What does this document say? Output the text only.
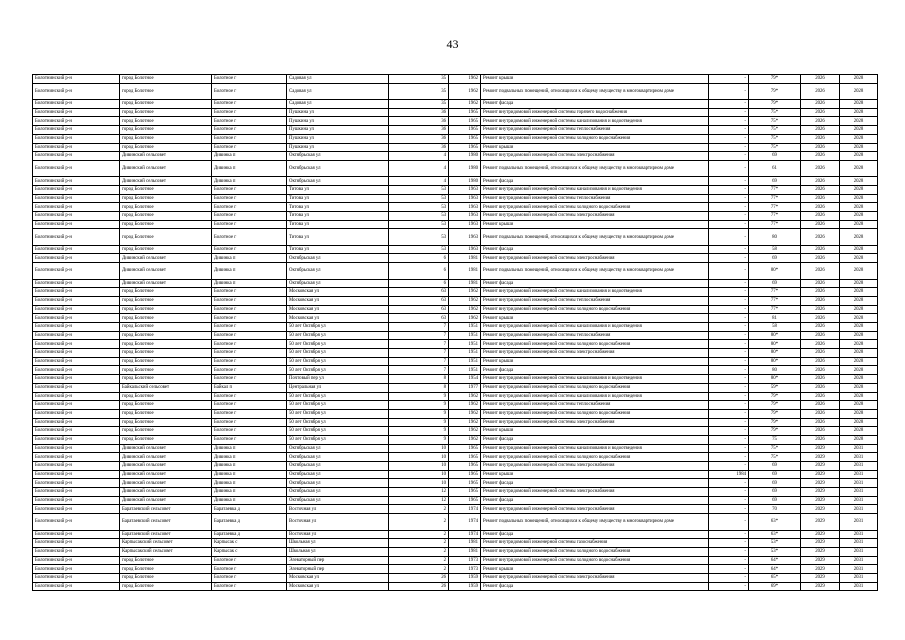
43
Болотнинский р-н	город Болотное	Болотное г	Садовая ул	35	1962	Ремонт крыши	-	79*	2026	2028
Болотнинский р-н	город Болотное	Болотное г	Садовая ул	35	1962	Ремонт подвальных помещений, относящихся к общему имуществу в многоквартирном доме	-	79*	2026	2028
Болотнинский р-н	город Болотное	Болотное г	Садовая ул	35	1962	Ремонт фасада	-	79*	2026	2028
Болотнинский р-н	город Болотное	Болотное г	Пушкина ул	36	1965	Ремонт внутридомовой инженерной системы горячего водоснабжения	-	75*	2026	2028
Болотнинский р-н	город Болотное	Болотное г	Пушкина ул	36	1965	Ремонт внутридомовой инженерной системы канализования и водоотведения	-	75*	2026	2028
Болотнинский р-н	город Болотное	Болотное г	Пушкина ул	36	1965	Ремонт внутридомовой инженерной системы теплоснабжения	-	75*	2026	2028
Болотнинский р-н	город Болотное	Болотное г	Пушкина ул	36	1965	Ремонт внутридомовой инженерной системы холодного водоснабжения	-	75*	2026	2028
Болотнинский р-н	город Болотное	Болотное г	Пушкина ул	36	1965	Ремонт крыши	-	75*	2026	2028
Болотнинский р-н	Дивинский сельсовет	Дивинка п	Октябрьская ул	4	1980	Ремонт внутридомовой инженерной системы электроснабжения	-	69	2026	2028
Болотнинский р-н	Дивинский сельсовет	Дивинка п	Октябрьская ул	4	1980	Ремонт подвальных помещений, относящихся к общему имуществу в многоквартирном доме	-	61	2026	2028
Болотнинский р-н	Дивинский сельсовет	Дивинка п	Октябрьская ул	4	1980	Ремонт фасада	-	69	2026	2028
Болотнинский р-н	город Болотное	Болотное г	Титова ул	53	1963	Ремонт внутридомовой инженерной системы канализования и водоотведения	-	77*	2026	2028
Болотнинский р-н	город Болотное	Болотное г	Титова ул	53	1963	Ремонт внутридомовой инженерной системы теплоснабжения	-	77*	2026	2028
Болотнинский р-н	город Болотное	Болотное г	Титова ул	53	1963	Ремонт внутридомовой инженерной системы холодного водоснабжения	-	77*	2026	2028
Болотнинский р-н	город Болотное	Болотное г	Титова ул	53	1963	Ремонт внутридомовой инженерной системы электроснабжения	-	77*	2026	2028
Болотнинский р-н	город Болотное	Болотное г	Титова ул	53	1963	Ремонт крыши	-	77*	2026	2028
Болотнинский р-н	город Болотное	Болотное г	Титова ул	53	1963	Ремонт подвальных помещений, относящихся к общему имуществу в многоквартирном доме	-	80	2026	2028
Болотнинский р-н	город Болотное	Болотное г	Титова ул	53	1963	Ремонт фасада	-	58	2026	2028
Болотнинский р-н	Дивинский сельсовет	Дивинка п	Октябрьская ул	6	1981	Ремонт внутридомовой инженерной системы электроснабжения	-	69	2026	2028
Болотнинский р-н	Дивинский сельсовет	Дивинка п	Октябрьская ул	6	1981	Ремонт подвальных помещений, относящихся к общему имуществу в многоквартирном доме	-	80*	2026	2028
Болотнинский р-н	Дивинский сельсовет	Дивинка п	Октябрьская ул	6	1981	Ремонт фасада	-	69	2026	2028
Болотнинский р-н	город Болотное	Болотное г	Московская ул	63	1962	Ремонт внутридомовой инженерной системы канализования и водоотведения	-	77*	2026	2028
Болотнинский р-н	город Болотное	Болотное г	Московская ул	63	1962	Ремонт внутридомовой инженерной системы теплоснабжения	-	77*	2026	2028
Болотнинский р-н	город Болотное	Болотное г	Московская ул	63	1962	Ремонт внутридомовой инженерной системы холодного водоснабжения	-	77*	2026	2028
Болотнинский р-н	город Болотное	Болотное г	Московская ул	63	1962	Ремонт крыши	-	81	2026	2028
Болотнинский р-н	город Болотное	Болотное г	50 лет Октября ул	7	1951	Ремонт внутридомовой инженерной системы канализования и водоотведения	-	58	2026	2028
Болотнинский р-н	город Болотное	Болотное г	50 лет Октября ул	7	1951	Ремонт внутридомовой инженерной системы теплоснабжения	-	80*	2026	2028
Болотнинский р-н	город Болотное	Болотное г	50 лет Октября ул	7	1951	Ремонт внутридомовой инженерной системы холодного водоснабжения	-	80*	2026	2028
Болотнинский р-н	город Болотное	Болотное г	50 лет Октября ул	7	1951	Ремонт внутридомовой инженерной системы электроснабжения	-	80*	2026	2028
Болотнинский р-н	город Болотное	Болотное г	50 лет Октября ул	7	1951	Ремонт крыши	-	80*	2026	2028
Болотнинский р-н	город Болотное	Болотное г	50 лет Октября ул	7	1951	Ремонт фасада	-	80	2026	2028
Болотнинский р-н	город Болотное	Болотное г	Почтовый пер ул	8	1954	Ремонт внутридомовой инженерной системы канализования и водоотведения	-	80*	2026	2028
Болотнинский р-н	Байкальский сельсовет	Байкал п	Центральная ул	8	1977	Ремонт внутридомовой инженерной системы холодного водоснабжения	-	59*	2026	2028
Болотнинский р-н	город Болотное	Болотное г	50 лет Октября ул	9	1962	Ремонт внутридомовой инженерной системы канализования и водоотведения	-	79*	2026	2028
Болотнинский р-н	город Болотное	Болотное г	50 лет Октября ул	9	1962	Ремонт внутридомовой инженерной системы теплоснабжения	-	79*	2026	2028
Болотнинский р-н	город Болотное	Болотное г	50 лет Октября ул	9	1962	Ремонт внутридомовой инженерной системы холодного водоснабжения	-	79*	2026	2028
Болотнинский р-н	город Болотное	Болотное г	50 лет Октября ул	9	1962	Ремонт внутридомовой инженерной системы электроснабжения	-	79*	2026	2028
Болотнинский р-н	город Болотное	Болотное г	50 лет Октября ул	9	1962	Ремонт крыши	-	79*	2026	2028
Болотнинский р-н	город Болотное	Болотное г	50 лет Октября ул	9	1962	Ремонт фасада	-	75	2026	2028
Болотнинский р-н	Дивинский сельсовет	Дивинка п	Октябрьская ул	10	1965	Ремонт внутридомовой инженерной системы канализования и водоотведения	-	75*	2029	2031
Болотнинский р-н	Дивинский сельсовет	Дивинка п	Октябрьская ул	10	1965	Ремонт внутридомовой инженерной системы холодного водоснабжения	-	75*	2029	2031
Болотнинский р-н	Дивинский сельсовет	Дивинка п	Октябрьская ул	10	1965	Ремонт внутридомовой инженерной системы электроснабжения	-	69	2029	2031
Болотнинский р-н	Дивинский сельсовет	Дивинка п	Октябрьская ул	10	1965	Ремонт крыши	1984	69	2029	2031
Болотнинский р-н	Дивинский сельсовет	Дивинка п	Октябрьская ул	10	1965	Ремонт фасада	-	69	2029	2031
Болотнинский р-н	Дивинский сельсовет	Дивинка п	Октябрьская ул	12	1965	Ремонт внутридомовой инженерной системы электроснабжения	-	69	2029	2031
Болотнинский р-н	Дивинский сельсовет	Дивинка п	Октябрьская ул	12	1965	Ремонт фасада	-	69	2029	2031
Болотнинский р-н	Баратаевский сельсовет	Баратаевка д	Восточная ул	2	1974	Ремонт внутридомовой инженерной системы электроснабжения	-	70	2029	2031
Болотнинский р-н	Баратаевский сельсовет	Баратаевка д	Восточная ул	2	1974	Ремонт подвальных помещений, относящихся к общему имуществу в многоквартирном доме	-	63*	2029	2031
Болотнинский р-н	Баратаевский сельсовет	Баратаевка д	Восточная ул	2	1974	Ремонт фасада	-	63*	2029	2031
Болотнинский р-н	Карпысакский сельсовет	Карпысак с	Школьная ул	2	1981	Ремонт внутридомовой инженерной системы газоснабжения	-	53*	2029	2031
Болотнинский р-н	Карпысакский сельсовет	Карпысак с	Школьная ул	2	1981	Ремонт внутридомовой инженерной системы холодного водоснабжения	-	53*	2029	2031
Болотнинский р-н	город Болотное	Болотное г	Элеваторный пер	2	1973	Ремонт внутридомовой инженерной системы холодного водоснабжения	-	64*	2029	2031
Болотнинский р-н	город Болотное	Болотное г	Элеваторный пер	2	1973	Ремонт крыши	-	64*	2029	2031
Болотнинский р-н	город Болотное	Болотное г	Московская ул	26	1959	Ремонт внутридомовой инженерной системы электроснабжения	-	65*	2029	2031
Болотнинский р-н	город Болотное	Болотное г	Московская ул	26	1959	Ремонт фасада	-	69*	2029	2031
